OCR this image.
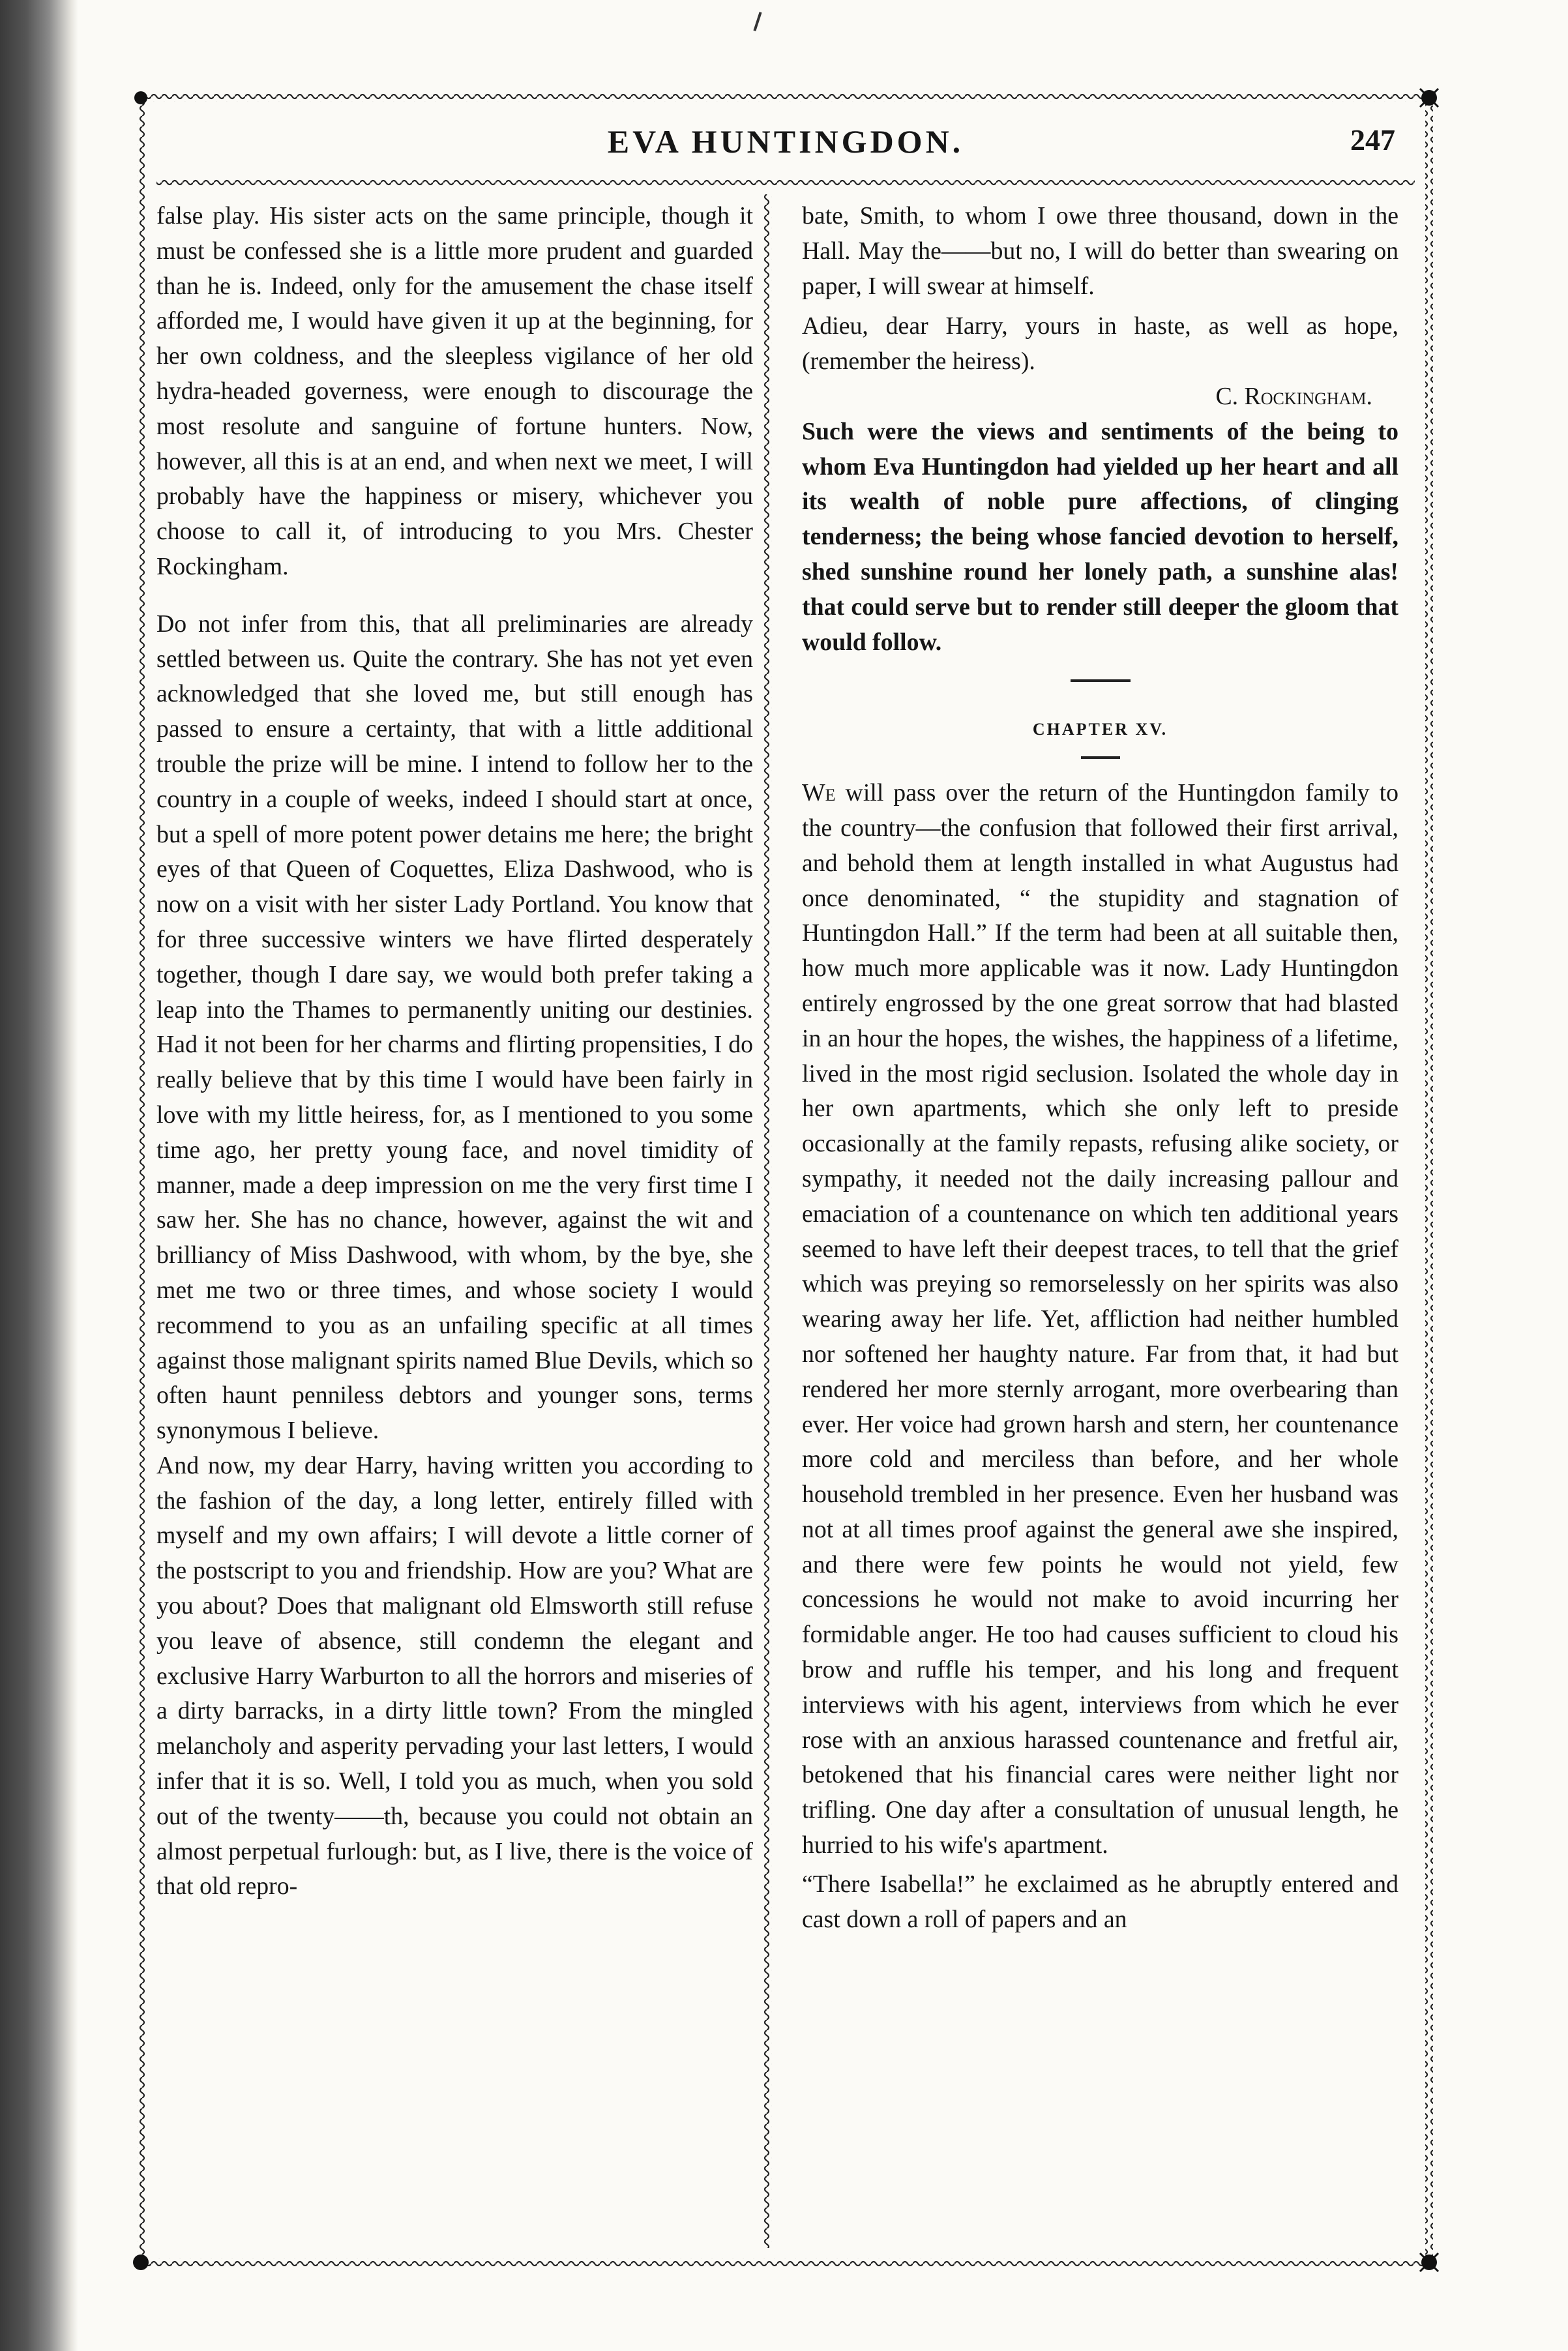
EVA HUNTINGDON.	247

false play. His sister acts on the same principle, though it must be confessed she is a little more prudent and guarded than he is. Indeed, only for the amusement the chase itself afforded me, I would have given it up at the beginning, for her own coldness, and the sleepless vigilance of her old hydra-headed governess, were enough to discourage the most resolute and sanguine of fortune hunters. Now, however, all this is at an end, and when next we meet, I will probably have the happiness or misery, whichever you choose to call it, of introducing to you Mrs. Chester Rockingham.

Do not infer from this, that all preliminaries are already settled between us. Quite the contrary. She has not yet even acknowledged that she loved me, but still enough has passed to ensure a certainty, that with a little additional trouble the prize will be mine. I intend to follow her to the country in a couple of weeks, indeed I should start at once, but a spell of more potent power detains me here; the bright eyes of that Queen of Coquettes, Eliza Dashwood, who is now on a visit with her sister Lady Portland. You know that for three successive winters we have flirted desperately together, though I dare say, we would both prefer taking a leap into the Thames to permanently uniting our destinies. Had it not been for her charms and flirting propensities, I do really believe that by this time I would have been fairly in love with my little heiress, for, as I mentioned to you some time ago, her pretty young face, and novel timidity of manner, made a deep impression on me the very first time I saw her. She has no chance, however, against the wit and brilliancy of Miss Dashwood, with whom, by the bye, she met me two or three times, and whose society I would recommend to you as an unfailing specific at all times against those malignant spirits named Blue Devils, which so often haunt penniless debtors and younger sons, terms synonymous I believe.

And now, my dear Harry, having written you according to the fashion of the day, a long letter, entirely filled with myself and my own affairs; I will devote a little corner of the postscript to you and friendship. How are you? What are you about? Does that malignant old Elmsworth still refuse you leave of absence, still condemn the elegant and exclusive Harry Warburton to all the horrors and miseries of a dirty barracks, in a dirty little town? From the mingled melancholy and asperity pervading your last letters, I would infer that it is so. Well, I told you as much, when you sold out of the twenty——th, because you could not obtain an almost perpetual furlough: but, as I live, there is the voice of that old repro-

bate, Smith, to whom I owe three thousand, down in the Hall. May the——but no, I will do better than swearing on paper, I will swear at himself.

Adieu, dear Harry, yours in haste, as well as hope, (remember the heiress).

C. Rockingham.

Such were the views and sentiments of the being to whom Eva Huntingdon had yielded up her heart and all its wealth of noble pure affections, of clinging tenderness; the being whose fancied devotion to herself, shed sunshine round her lonely path, a sunshine alas! that could serve but to render still deeper the gloom that would follow.

CHAPTER XV.

We will pass over the return of the Huntingdon family to the country—the confusion that followed their first arrival, and behold them at length installed in what Augustus had once denominated, “ the stupidity and stagnation of Huntingdon Hall.” If the term had been at all suitable then, how much more applicable was it now. Lady Huntingdon entirely engrossed by the one great sorrow that had blasted in an hour the hopes, the wishes, the happiness of a lifetime, lived in the most rigid seclusion. Isolated the whole day in her own apartments, which she only left to preside occasionally at the family repasts, refusing alike society, or sympathy, it needed not the daily increasing pallour and emaciation of a countenance on which ten additional years seemed to have left their deepest traces, to tell that the grief which was preying so remorselessly on her spirits was also wearing away her life. Yet, affliction had neither humbled nor softened her haughty nature. Far from that, it had but rendered her more sternly arrogant, more overbearing than ever. Her voice had grown harsh and stern, her countenance more cold and merciless than before, and her whole household trembled in her presence. Even her husband was not at all times proof against the general awe she inspired, and there were few points he would not yield, few concessions he would not make to avoid incurring her formidable anger. He too had causes sufficient to cloud his brow and ruffle his temper, and his long and frequent interviews with his agent, interviews from which he ever rose with an anxious harassed countenance and fretful air, betokened that his financial cares were neither light nor trifling. One day after a consultation of unusual length, he hurried to his wife's apartment.

“There Isabella!” he exclaimed as he abruptly entered and cast down a roll of papers and an
